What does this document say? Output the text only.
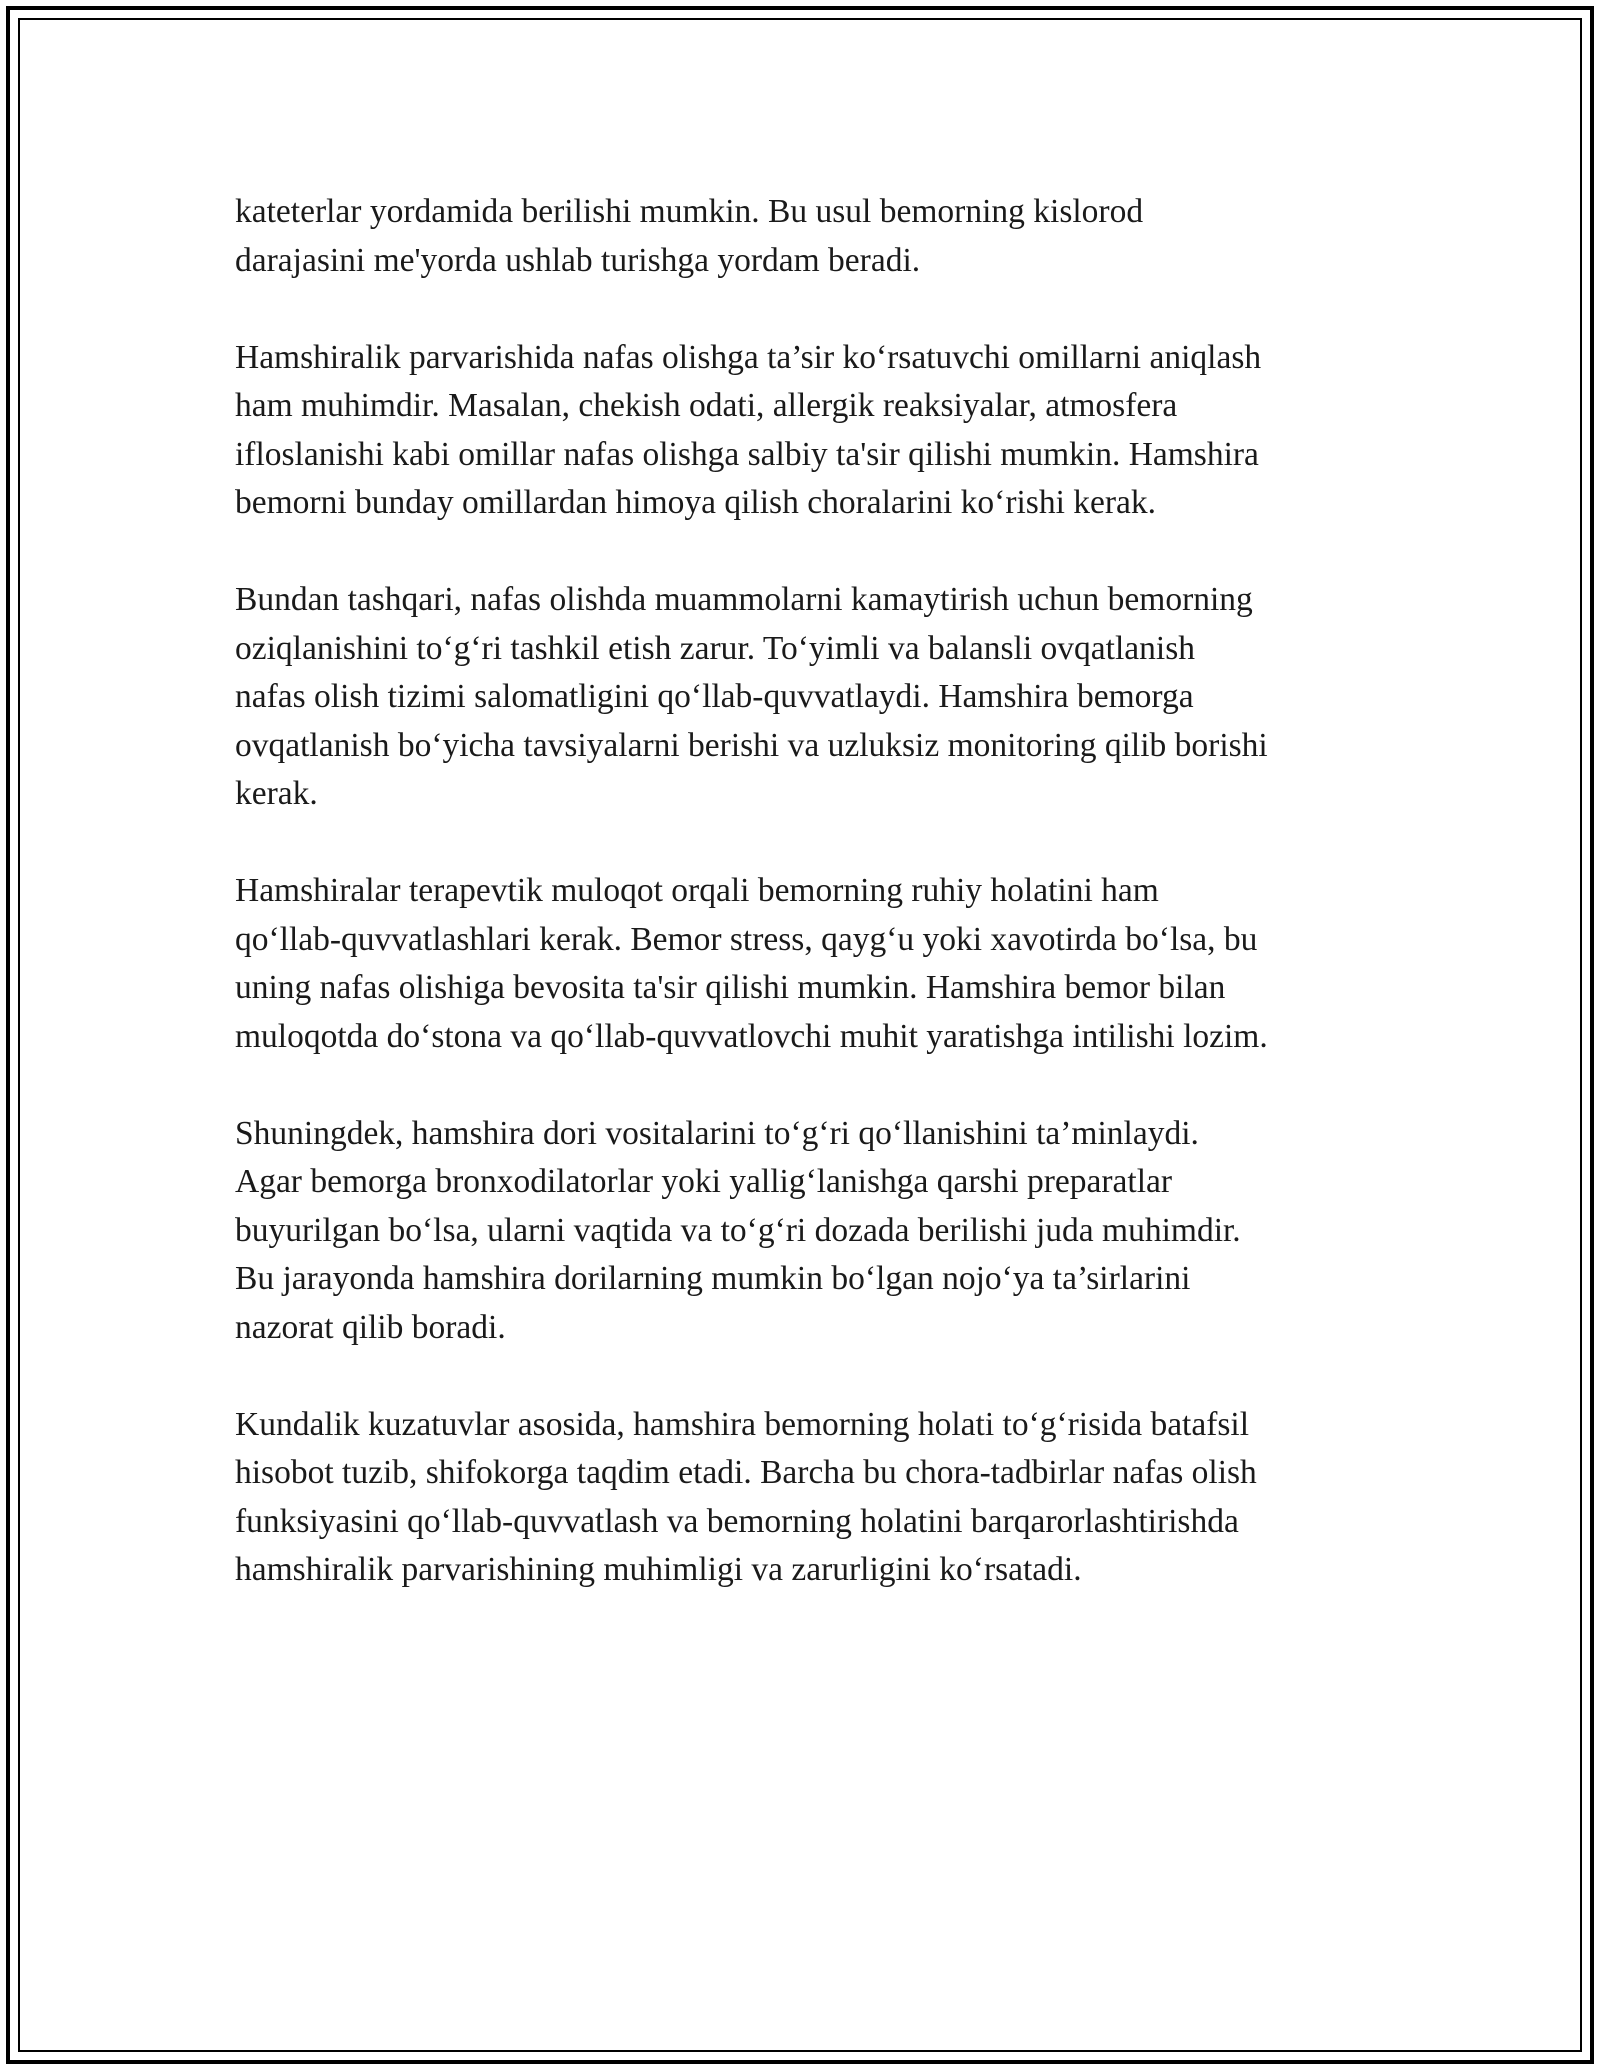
kateterlar yordamida berilishi mumkin. Bu usul bemorning kislorod
darajasini me'yorda ushlab turishga yordam beradi.

Hamshiralik parvarishida nafas olishga ta’sir ko‘rsatuvchi omillarni aniqlash
ham muhimdir. Masalan, chekish odati, allergik reaksiyalar, atmosfera
ifloslanishi kabi omillar nafas olishga salbiy ta'sir qilishi mumkin. Hamshira
bemorni bunday omillardan himoya qilish choralarini ko‘rishi kerak.

Bundan tashqari, nafas olishda muammolarni kamaytirish uchun bemorning
oziqlanishini to‘g‘ri tashkil etish zarur. To‘yimli va balansli ovqatlanish
nafas olish tizimi salomatligini qo‘llab-quvvatlaydi. Hamshira bemorga
ovqatlanish bo‘yicha tavsiyalarni berishi va uzluksiz monitoring qilib borishi
kerak.

Hamshiralar terapevtik muloqot orqali bemorning ruhiy holatini ham
qo‘llab-quvvatlashlari kerak. Bemor stress, qayg‘u yoki xavotirda bo‘lsa, bu
uning nafas olishiga bevosita ta'sir qilishi mumkin. Hamshira bemor bilan
muloqotda do‘stona va qo‘llab-quvvatlovchi muhit yaratishga intilishi lozim.

Shuningdek, hamshira dori vositalarini to‘g‘ri qo‘llanishini ta’minlaydi.
Agar bemorga bronxodilatorlar yoki yallig‘lanishga qarshi preparatlar
buyurilgan bo‘lsa, ularni vaqtida va to‘g‘ri dozada berilishi juda muhimdir.
Bu jarayonda hamshira dorilarning mumkin bo‘lgan nojo‘ya ta’sirlarini
nazorat qilib boradi.

Kundalik kuzatuvlar asosida, hamshira bemorning holati to‘g‘risida batafsil
hisobot tuzib, shifokorga taqdim etadi. Barcha bu chora-tadbirlar nafas olish
funksiyasini qo‘llab-quvvatlash va bemorning holatini barqarorlashtirishda
hamshiralik parvarishining muhimligi va zarurligini ko‘rsatadi.
